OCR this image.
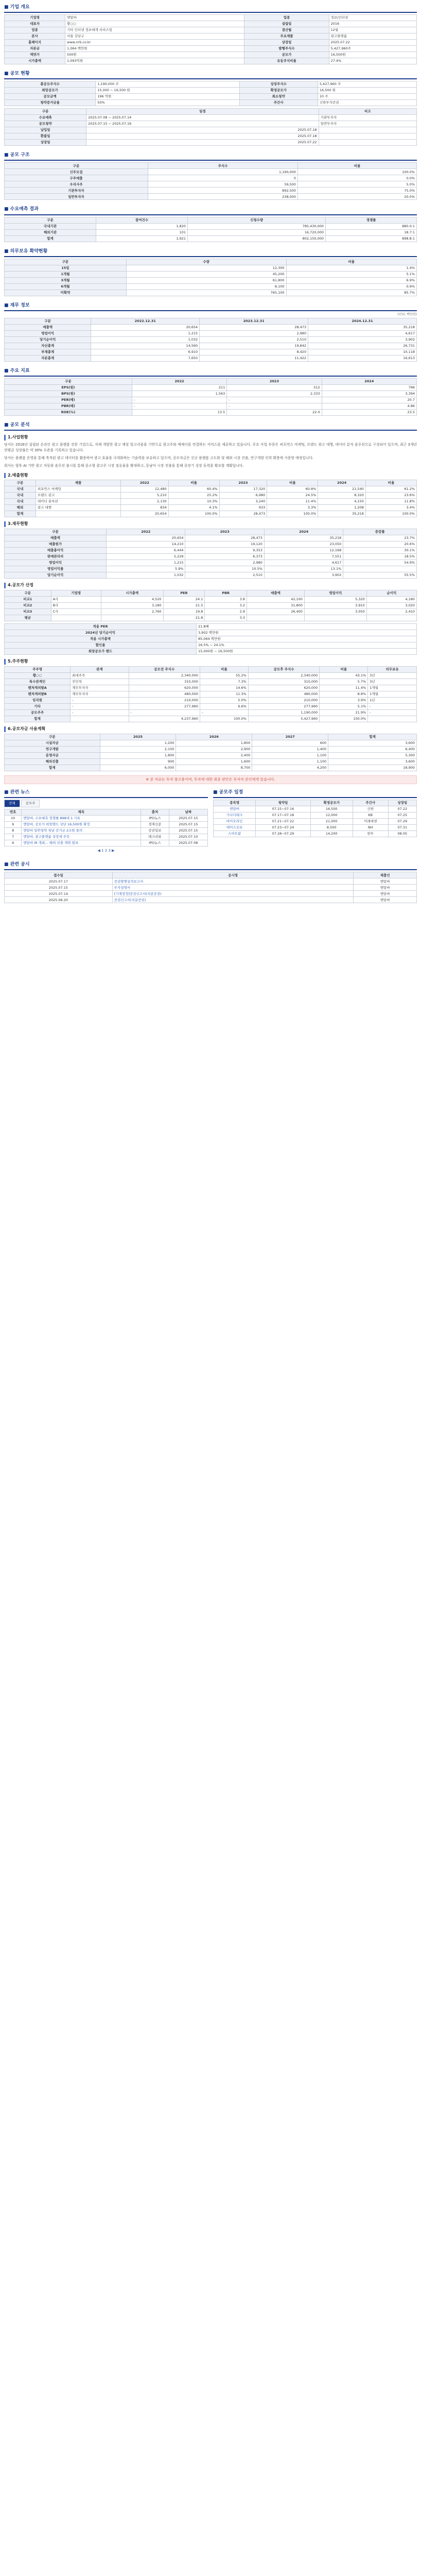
■ 기업 개요
기업명	엔알바	업종	정보/인터넷
대표자	황○○	설립일	2016
업종	기타 인터넷 정보매개 서비스업	결산월	12월
본사	서울 강남구	주요제품	광고플랫폼
홈페이지	www.nrb.co.kr	상장일	2025.07.22
자본금	1,064 백만원	발행주식수	5,427,960주
액면가	500원	공모가	16,500원
시가총액	1,093억원	유동주식비율	27.4%
■ 공모 현황
총공모주식수	1,190,000 주	상장주식수	5,427,960 주
희망공모가	15,000 ~ 16,500 원	확정공모가	16,500 원
공모금액	196 억원	최소청약	10 주
청약증거금율	50%	주간사	신한투자증권
구분	일정	비고
수요예측	2025.07.08 ~ 2025.07.14	기관투자자
공모청약	2025.07.15 ~ 2025.07.16	일반투자자
납입일	2025.07.18	
환불일	2025.07.18	
상장일	2025.07.22	
■ 공모 구조
구분	주식수	비율
신주모집	1,190,000	100.0%
구주매출	0	0.0%
우리사주	59,500	5.0%
기관투자자	892,500	75.0%
일반투자자	238,000	20.0%
■ 수요예측 결과
구분	참여건수	신청수량	경쟁률
국내기관	1,820	785,430,000	880.0:1
해외기관	101	16,720,000	18.7:1
합계	1,921	802,150,000	898.8:1
■ 의무보유 확약현황
구분	수량	비율
15일	12,300	1.4%
1개월	45,200	5.1%
3개월	61,800	6.9%
6개월	8,100	0.9%
미확약	765,100	85.7%
■ 재무 정보
(단위: 백만원)
구분	2022.12.31	2023.12.31	2024.12.31
매출액	20,654	28,473	35,218
영업이익	1,215	2,980	4,617
당기순이익	1,032	2,510	3,902
자산총계	14,560	19,842	26,731
부채총계	6,910	8,420	10,118
자본총계	7,650	11,422	16,613
■ 주요 지표
구분	2022	2023	2024
EPS(원)	211	512	796
BPS(원)	1,563	2,333	3,394
PER(배)	-	-	20.7
PBR(배)	-	-	4.86
ROE(%)	13.5	22.0	23.5
■ 공모 분석
1.사업현황

당사는 2016년 설립된 온라인 광고 플랫폼 전문 기업으로, 자체 개발한 광고 매칭 알고리즘을 기반으로 광고주와 매체사를 연결하는 서비스를 제공하고 있습니다. 주요 사업 부문은 퍼포먼스 마케팅, 브랜드 광고 대행, 데이터 분석 솔루션으로 구성되어 있으며, 최근 3개년 연평균 성장률은 약 30% 수준을 기록하고 있습니다.

당사는 플랫폼 운영을 통해 축적된 광고 데이터를 활용하여 광고 효율을 극대화하는 기술력을 보유하고 있으며, 공모자금은 신규 플랫폼 고도화 및 해외 시장 진출, 연구개발 인력 확충에 사용할 예정입니다.

회사는 향후 AI 기반 광고 자동화 솔루션 출시를 통해 중소형 광고주 시장 점유율을 확대하고, 동남아 시장 진출을 통해 중장기 성장 동력을 확보할 계획입니다.

2.매출현황
구분	제품	2022	비율	2023	비율	2024	비율
국내	퍼포먼스 마케팅	12,480	60.4%	17,320	60.8%	21,540	61.2%
국내	브랜드 광고	5,210	25.2%	6,980	24.5%	8,320	23.6%
국내	데이터 솔루션	2,130	10.3%	3,240	11.4%	4,150	11.8%
해외	광고 대행	834	4.1%	933	3.3%	1,208	3.4%
합계		20,654	100.0%	28,473	100.0%	35,218	100.0%
3.재무현황
구분	2022	2023	2024	증감률
매출액	20,654	28,473	35,218	23.7%
매출원가	14,210	19,120	23,050	20.6%
매출총이익	6,444	9,353	12,168	30.1%
판매관리비	5,229	6,373	7,551	18.5%
영업이익	1,215	2,980	4,617	54.9%
영업이익률	5.9%	10.5%	13.1%	
당기순이익	1,032	2,510	3,902	55.5%
4.공모가 산정
구분	기업명	시가총액	PER	PBR	매출액	영업이익	순이익
비교1	A사	4,520	24.1	3.8	42,100	5,320	4,180
비교2	B사	3,180	21.5	3.2	31,800	3,910	3,020
비교3	C사	2,760	19.8	2.9	26,400	3,050	2,410
평균			21.8	3.3			
적용 PER	21.8배
2024년 당기순이익	3,902 백만원
적용 시가총액	85,064 백만원
할인율	16.5% ~ 24.1%
희망공모가 밴드	15,000원 ~ 16,500원
5.주주현황
주주명	관계	공모전 주식수	비율	공모후 주식수	비율	의무보유
황○○	최대주주	2,340,000	55.2%	2,340,000	43.1%	3년
특수관계인	친인척	310,000	7.3%	310,000	5.7%	3년
벤처캐피탈A	재무투자자	620,000	14.6%	620,000	11.4%	1개월
벤처캐피탈B	재무투자자	480,000	11.3%	480,000	8.8%	1개월
임직원	-	210,000	5.0%	210,000	3.9%	1년
기타	-	277,960	6.6%	277,960	5.1%	-
공모주주	-	-	-	1,190,000	21.9%	-
합계		4,237,960	100.0%	5,427,960	100.0%	
6.공모자금 사용계획
구분	2025	2026	2027	합계
시설자금	1,200	1,800	600	3,600
연구개발	2,100	2,900	1,400	6,400
운영자금	1,800	2,400	1,100	5,300
해외진출	900	1,600	1,100	3,600
합계	6,000	8,700	4,200	18,900
※ 본 자료는 투자 참고용이며, 투자에 대한 최종 판단은 투자자 본인에게 있습니다.
■ 관련 뉴스
전체	공모주
번호	제목	출처	날짜
10	엔알바, 수요예측 경쟁률 898대 1 기록	IPO뉴스	2025.07.15
9	엔알바, 공모가 희망밴드 상단 16,500원 확정	경제신문	2025.07.15
8	엔알바 일반청약 첫날 증거금 2조원 몰려	증권일보	2025.07.15
7	엔알바, 광고플랫폼 성장세 주목	테크리뷰	2025.07.10
6	엔알바 IR 개최… 해외 진출 계획 발표	IPO뉴스	2025.07.08
◀ 1 2 3 ▶
■ 공모주 일정
종목명	청약일	확정공모가	주간사	상장일
엔알바	07.15~07.16	16,500	신한	07.22
가나다테크	07.17~07.18	12,000	KB	07.25
바이오라인	07.21~07.22	21,000	미래에셋	07.29
에이스로보	07.23~07.24	8,500	NH	07.31
스마트팜	07.28~07.29	14,200	한투	08.05
■ 관련 공시
접수일	공시명	제출인
2025.07.17	증권발행실적보고서	엔알바
2025.07.15	투자설명서	엔알바
2025.07.14	[기재정정]증권신고서(지분증권)	엔알바
2025.06.20	증권신고서(지분증권)	엔알바
